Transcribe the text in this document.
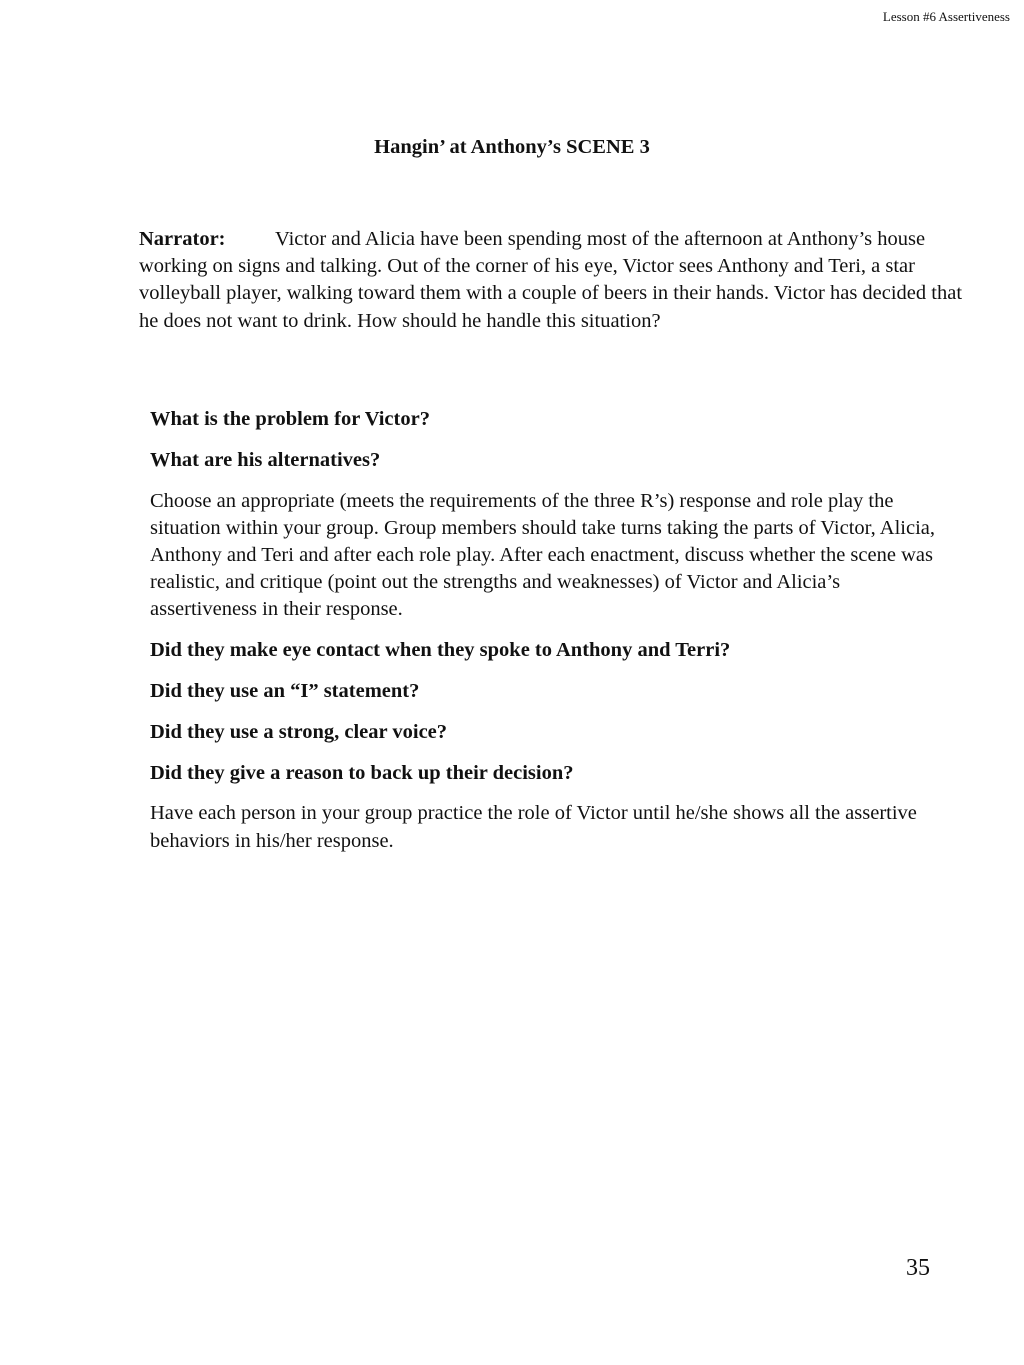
Lesson #6 Assertiveness
Hangin’ at Anthony’s SCENE 3
Narrator:	Victor and Alicia have been spending most of the afternoon at Anthony’s house working on signs and talking. Out of the corner of his eye, Victor sees Anthony and Teri, a star volleyball player, walking toward them with a couple of beers in their hands. Victor has decided that he does not want to drink. How should he handle this situation?

What is the problem for Victor?

What are his alternatives?

Choose an appropriate (meets the requirements of the three R’s) response and role play the situation within your group. Group members should take turns taking the parts of Victor, Alicia, Anthony and Teri and after each role play. After each enactment, discuss whether the scene was realistic, and critique (point out the strengths and weaknesses) of Victor and Alicia’s assertiveness in their response.

Did they make eye contact when they spoke to Anthony and Terri?

Did they use an “I” statement?

Did they use a strong, clear voice?

Did they give a reason to back up their decision?

Have each person in your group practice the role of Victor until he/she shows all the assertive behaviors in his/her response.

35
